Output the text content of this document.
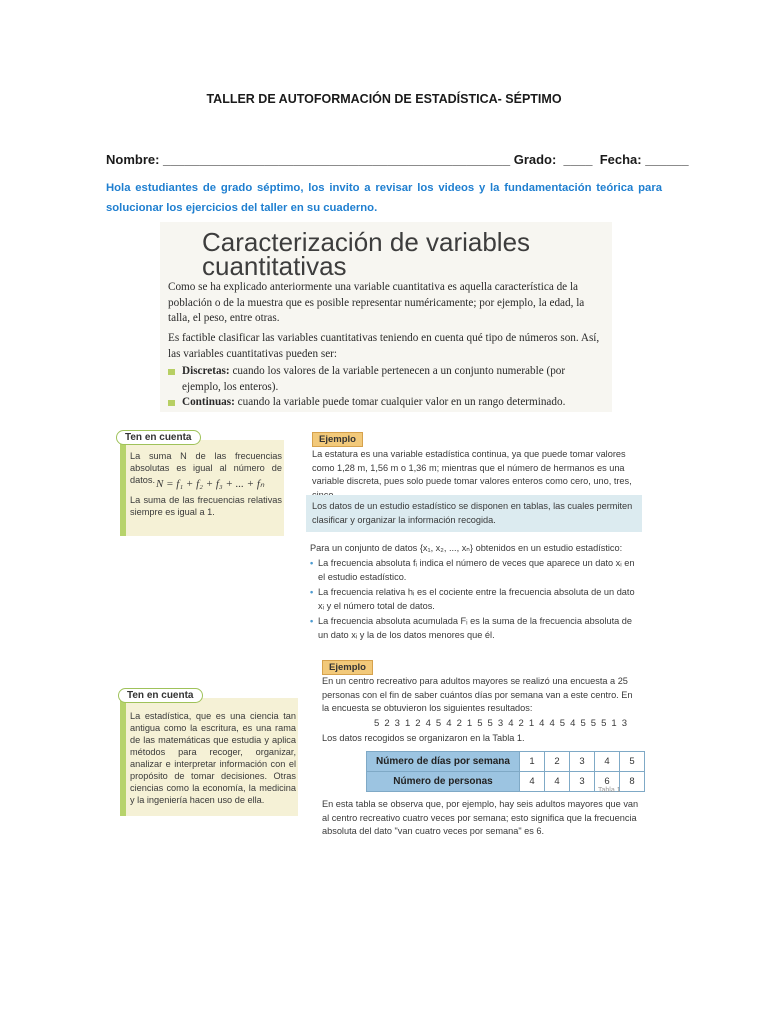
TALLER DE AUTOFORMACIÓN DE ESTADÍSTICA- SÉPTIMO
Nombre: ________________________________________________ Grado:  ____  Fecha: ______
Hola estudiantes de grado séptimo, los invito a revisar los videos y la fundamentación teórica para solucionar los ejercicios del taller en su cuaderno.
Caracterización de variables
cuantitativas
Como se ha explicado anteriormente una variable cuantitativa es aquella característica de la población o de la muestra que es posible representar numéricamente; por ejemplo, la edad, la talla, el peso, entre otras.
Es factible clasificar las variables cuantitativas teniendo en cuenta qué tipo de números son. Así, las variables cuantitativas pueden ser:
Discretas: cuando los valores de la variable pertenecen a un conjunto numerable (por ejemplo, los enteros).
Continuas: cuando la variable puede tomar cualquier valor en un rango determinado.
La suma N de las frecuencias absolutas es igual al número de datos. N = f₁ + f₂ + f₃ + ... + fₙ
La suma de las frecuencias relativas siempre es igual a 1.
Ten en cuenta	Ejemplo
La estatura es una variable estadística continua, ya que puede tomar valores como 1,28 m, 1,56 m o 1,36 m; mientras que el número de hermanos es una variable discreta, pues solo puede tomar valores enteros como cero, uno, tres,
Los datos de un estudio estadístico se disponen en tablas, las cuales permiten clasificar y organizar la información recogida.
Para un conjunto de datos {x₁, x₂, ..., xₙ} obtenidos en un estudio estadístico:
• La frecuencia absoluta fᵢ indica el número de veces que aparece un dato xᵢ en el estudio estadístico.
• La frecuencia relativa hᵢ es el cociente entre la frecuencia absoluta de un dato xᵢ y el número total de datos.
• La frecuencia absoluta acumulada Fᵢ es la suma de la frecuencia absoluta de un dato xᵢ y la de los datos menores que él.
La estadística, que es una ciencia tan antigua como la escritura, es una rama de las matemáticas que estudia y aplica métodos para recoger, organizar, analizar e interpretar información con el propósito de tomar decisiones. Otras ciencias como la economía, la medicina y la ingeniería hacen uso de ella.
Ten en cuenta
Ejemplo
En un centro recreativo para adultos mayores se realizó una encuesta a 25 personas con el fin de saber cuántos días por semana van a este centro. En la encuesta se obtuvieron los siguientes resultados:
5 2 3 1 2 4 5 4 2 1 5 5 3 4 2 1 4 4 5 4 5 5 5 1 3
Los datos recogidos se organizaron en la Tabla 1.
Número de días por semana	1	2	3	4	5
Número de personas	4	4	3	6	8
Tabla 1
En esta tabla se observa que, por ejemplo, hay seis adultos mayores que van al centro recreativo cuatro veces por semana; esto significa que la frecuencia absoluta del dato "van cuatro veces por semana" es 6.
